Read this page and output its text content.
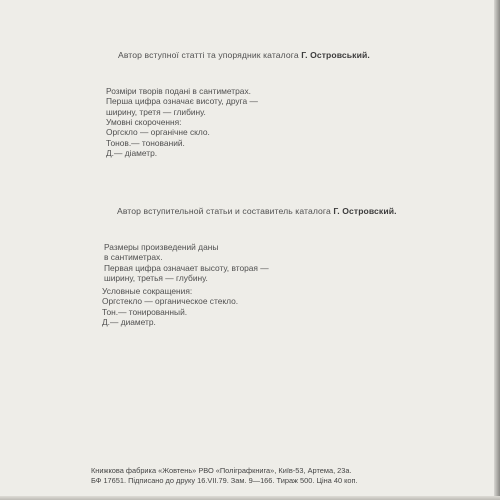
Автор вступної статті та упорядник каталога Г. Островський.
Розміри творів подані в сантиметрах.
Перша цифра означає висоту, друга —
ширину, третя — глибину.
Умовні скорочення:
Оргскло — органічне скло.
Тонов.— тонований.
Д.— діаметр.
Автор вступительной статьи и составитель каталога Г. Островский.
Размеры произведений даны
в сантиметрах.
Первая цифра означает высоту, вторая —
ширину, третья — глубину.
Условные сокращения:
Оргстекло — органическое стекло.
Тон.— тонированный.
Д.— диаметр.
Книжкова фабрика «Жовтень» РВО «Поліграфкнига», Київ-53, Артема, 23а.
БФ 17651. Підписано до друку 16.VII.79. Зам. 9—166. Тираж 500. Ціна 40 коп.
